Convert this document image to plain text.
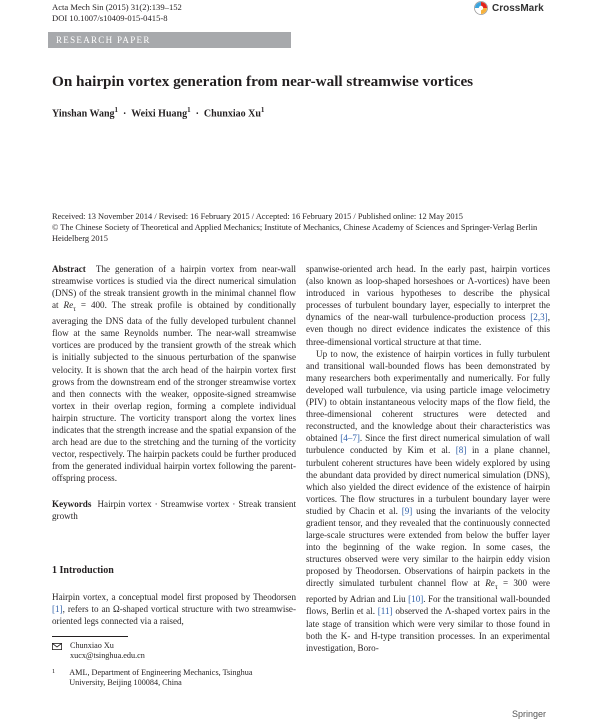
Acta Mech Sin (2015) 31(2):139–152
DOI 10.1007/s10409-015-0415-8
CrossMark
RESEARCH PAPER
On hairpin vortex generation from near-wall streamwise vortices
Yinshan Wang$^1$ · Weixi Huang$^1$ · Chunxiao Xu$^1$
Received: 13 November 2014 / Revised: 16 February 2015 / Accepted: 16 February 2015 / Published online: 12 May 2015
© The Chinese Society of Theoretical and Applied Mechanics; Institute of Mechanics, Chinese Academy of Sciences and Springer-Verlag Berlin Heidelberg 2015

Abstract The generation of a hairpin vortex from near-wall streamwise vortices is studied via the direct numerical simulation (DNS) of the streak transient growth in the minimal channel flow at $Re_\tau = 400$. The streak profile is obtained by conditionally averaging the DNS data of the fully developed turbulent channel flow at the same Reynolds number. The near-wall streamwise vortices are produced by the transient growth of the streak which is initially subjected to the sinuous perturbation of the spanwise velocity. It is shown that the arch head of the hairpin vortex first grows from the downstream end of the stronger streamwise vortex and then connects with the weaker, opposite-signed streamwise vortex in their overlap region, forming a complete individual hairpin structure. The vorticity transport along the vortex lines indicates that the strength increase and the spatial expansion of the arch head are due to the stretching and the turning of the vorticity vector, respectively. The hairpin packets could be further produced from the generated individual hairpin vortex following the parent-offspring process.

Keywords Hairpin vortex · Streamwise vortex · Streak transient growth

1 Introduction

Hairpin vortex, a conceptual model first proposed by Theodorsen [1], refers to an Ω-shaped vortical structure with two streamwise-oriented legs connected via a raised,

Chunxiao Xu
xucx@tsinghua.edu.cn
1 AML, Department of Engineering Mechanics, Tsinghua
University, Beijing 100084, China

spanwise-oriented arch head. In the early past, hairpin vortices (also known as loop-shaped horseshoes or Λ-vortices) have been introduced in various hypotheses to describe the physical processes of turbulent boundary layer, especially to interpret the dynamics of the near-wall turbulence-production process [2,3], even though no direct evidence indicates the existence of this three-dimensional vortical structure at that time.

Up to now, the existence of hairpin vortices in fully turbulent and transitional wall-bounded flows has been demonstrated by many researchers both experimentally and numerically. For fully developed wall turbulence, via using particle image velocimetry (PIV) to obtain instantaneous velocity maps of the flow field, the three-dimensional coherent structures were detected and reconstructed, and the knowledge about their characteristics was obtained [4–7]. Since the first direct numerical simulation of wall turbulence conducted by Kim et al. [8] in a plane channel, turbulent coherent structures have been widely explored by using the abundant data provided by direct numerical simulation (DNS), which also yielded the direct evidence of the existence of hairpin vortices. The flow structures in a turbulent boundary layer were studied by Chacin et al. [9] using the invariants of the velocity gradient tensor, and they revealed that the continuously connected large-scale structures were extended from below the buffer layer into the beginning of the wake region. In some cases, the structures observed were very similar to the hairpin eddy vision proposed by Theodorsen. Observations of hairpin packets in the directly simulated turbulent channel flow at $Re_\tau = 300$ were reported by Adrian and Liu [10]. For the transitional wall-bounded flows, Berlin et al. [11] observed the Λ-shaped vortex pairs in the late stage of transition which were very similar to those found in both the K- and H-type transition processes. In an experimental investigation, Boro-

Springer
